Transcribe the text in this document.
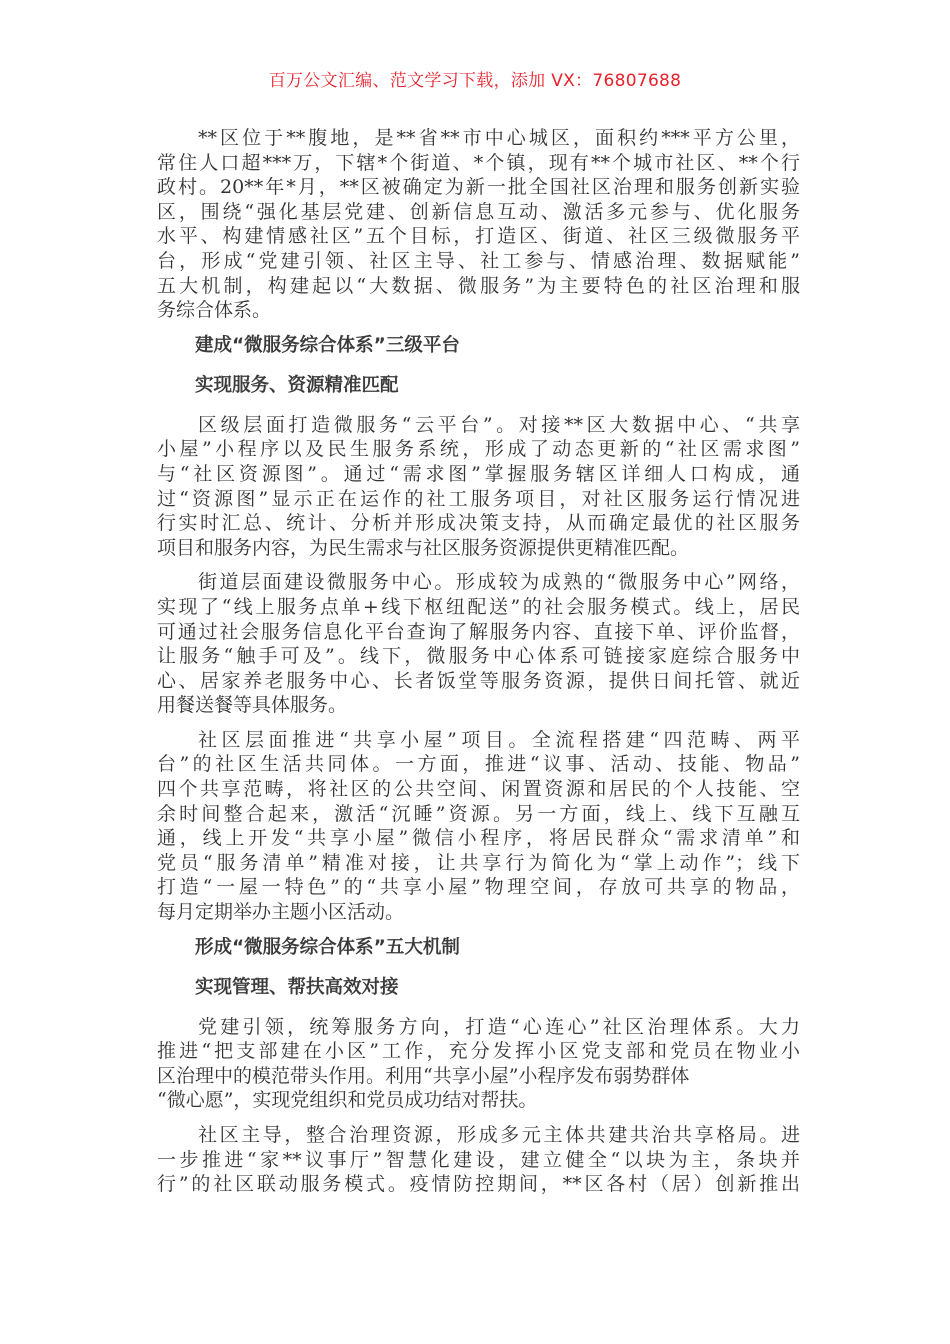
百万公文汇编、范文学习下载，添加 VX：76807688
**区位于**腹地，是**省**市中心城区，面积约***平方公里，
常住人口超***万，下辖*个街道、*个镇，现有**个城市社区、**个行
政村。20**年*月，**区被确定为新一批全国社区治理和服务创新实验
区，围绕“强化基层党建、创新信息互动、激活多元参与、优化服务
水平、构建情感社区”五个目标，打造区、街道、社区三级微服务平
台，形成“党建引领、社区主导、社工参与、情感治理、数据赋能”
五大机制，构建起以“大数据、微服务”为主要特色的社区治理和服
务综合体系。
建成“微服务综合体系”三级平台
实现服务、资源精准匹配
区级层面打造微服务“云平台”。对接**区大数据中心、“共享
小屋”小程序以及民生服务系统，形成了动态更新的“社区需求图”
与“社区资源图”。通过“需求图”掌握服务辖区详细人口构成，通
过“资源图”显示正在运作的社工服务项目，对社区服务运行情况进
行实时汇总、统计、分析并形成决策支持，从而确定最优的社区服务
项目和服务内容，为民生需求与社区服务资源提供更精准匹配。
街道层面建设微服务中心。形成较为成熟的“微服务中心”网络，
实现了“线上服务点单+线下枢纽配送”的社会服务模式。线上，居民
可通过社会服务信息化平台查询了解服务内容、直接下单、评价监督，
让服务“触手可及”。线下，微服务中心体系可链接家庭综合服务中
心、居家养老服务中心、长者饭堂等服务资源，提供日间托管、就近
用餐送餐等具体服务。
社区层面推进“共享小屋”项目。全流程搭建“四范畴、两平
台”的社区生活共同体。一方面，推进“议事、活动、技能、物品”
四个共享范畴，将社区的公共空间、闲置资源和居民的个人技能、空
余时间整合起来，激活“沉睡”资源。另一方面，线上、线下互融互
通，线上开发“共享小屋”微信小程序，将居民群众“需求清单”和
党员“服务清单”精准对接，让共享行为简化为“掌上动作”；线下
打造“一屋一特色”的“共享小屋”物理空间，存放可共享的物品，
每月定期举办主题小区活动。
形成“微服务综合体系”五大机制
实现管理、帮扶高效对接
党建引领，统筹服务方向，打造“心连心”社区治理体系。大力
推进“把支部建在小区”工作，充分发挥小区党支部和党员在物业小
区治理中的模范带头作用。利用“共享小屋”小程序发布弱势群体
“微心愿”，实现党组织和党员成功结对帮扶。
社区主导，整合治理资源，形成多元主体共建共治共享格局。进
一步推进“家**议事厅”智慧化建设，建立健全“以块为主，条块并
行”的社区联动服务模式。疫情防控期间，**区各村（居）创新推出
